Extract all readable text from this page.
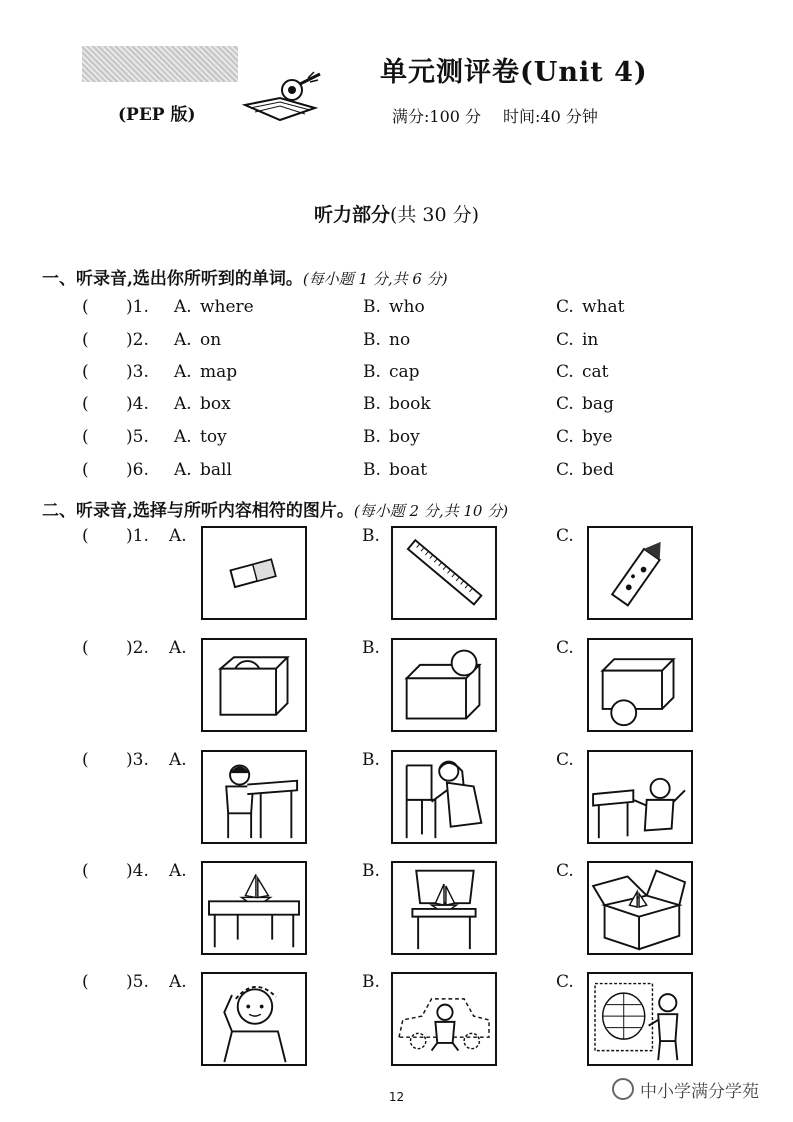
(PEP 版)
单元测评卷(Unit 4)
满分:100 分 时间:40 分钟
听力部分(共 30 分)
一、听录音,选出你所听到的单词。(每小题 1 分,共 6 分)
( )1. A. where	B. who	C. what
( )2. A. on	B. no	C. in
( )3. A. map	B. cap	C. cat
( )4. A. box	B. book	C. bag
( )5. A. toy	B. boy	C. bye
( )6. A. ball	B. boat	C. bed
二、听录音,选择与所听内容相符的图片。(每小题 2 分,共 10 分)
( )1. A.	B.	C.
( )2. A.	B.	C.
( )3. A.	B.	C.
( )4. A.	B.	C.
( )5. A.	B.	C.
12	中小学满分学苑
